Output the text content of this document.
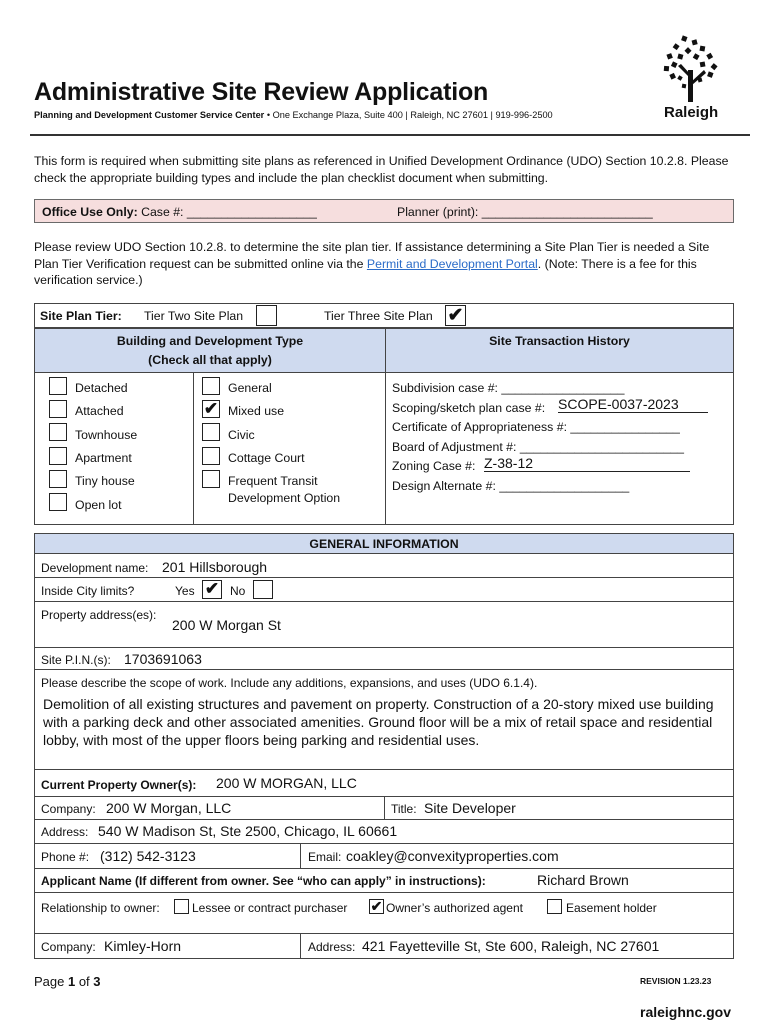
Administrative Site Review Application
Planning and Development Customer Service Center • One Exchange Plaza, Suite 400 | Raleigh, NC 27601 | 919-996-2500	Raleigh
This form is required when submitting site plans as referenced in Unified Development Ordinance (UDO) Section 10.2.8. Please check the appropriate building types and include the plan checklist document when submitting.
Office Use Only: Case #: ___________________	Planner (print): _________________________
Please review UDO Section 10.2.8. to determine the site plan tier. If assistance determining a Site Plan Tier is needed a Site Plan Tier Verification request can be submitted online via the Permit and Development Portal. (Note: There is a fee for this verification service.)
Site Plan Tier: Tier Two Site Plan	Tier Three Site Plan ✔
Building and Development Type
(Check all that apply)
Site Transaction History
Detached
Attached
Townhouse
Apartment
Tiny house
Open lot
General
✔ Mixed use
Civic
Cottage Court
Frequent Transit
Development Option
Subdivision case #: __________________
Scoping/sketch plan case #: SCOPE-0037-2023
Certificate of Appropriateness #: ________________
Board of Adjustment #: ________________________
Zoning Case #: Z-38-12
Design Alternate #: ___________________
GENERAL INFORMATION
Development name: 201 Hillsborough
Inside City limits?	Yes ✔ No
Property address(es):
200 W Morgan St
Site P.I.N.(s): 1703691063
Please describe the scope of work. Include any additions, expansions, and uses (UDO 6.1.4).
Demolition of all existing structures and pavement on property. Construction of a 20-story mixed use building with a parking deck and other associated amenities. Ground floor will be a mix of retail space and residential lobby, with most of the upper floors being parking and residential uses.
Current Property Owner(s): 200 W MORGAN, LLC
Company: 200 W Morgan, LLC	Title: Site Developer
Address: 540 W Madison St, Ste 2500, Chicago, IL 60661
Phone #: (312) 542-3123	Email: coakley@convexityproperties.com
Applicant Name (If different from owner. See “who can apply” in instructions):	Richard Brown
Relationship to owner:	Lessee or contract purchaser ✔ Owner’s authorized agent	Easement holder
Company: Kimley-Horn	Address: 421 Fayetteville St, Ste 600, Raleigh, NC 27601
Page 1 of 3	REVISION 1.23.23
raleighnc.gov
